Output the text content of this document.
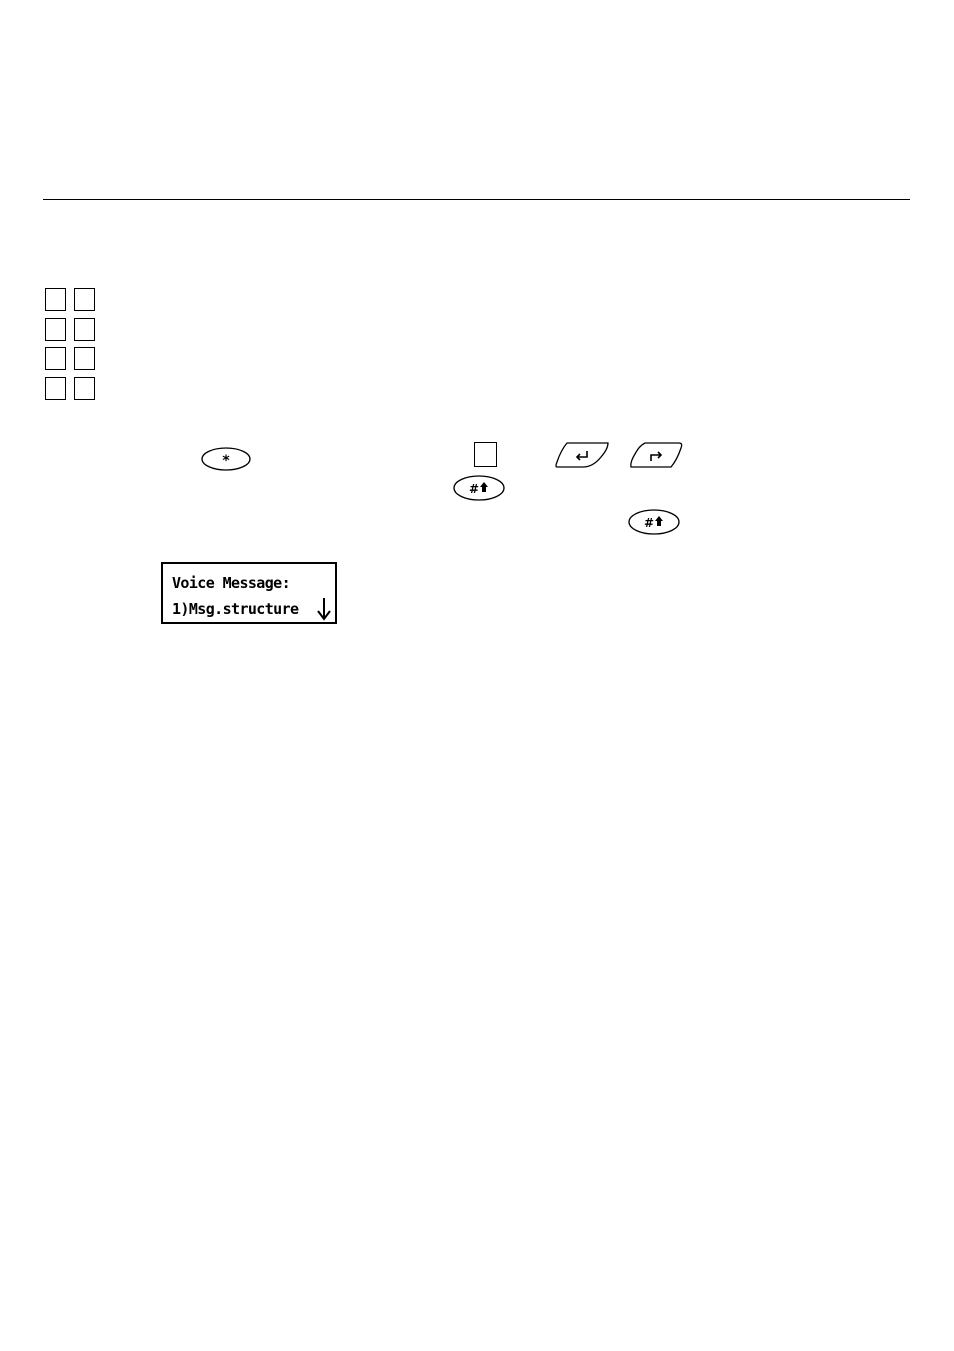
*
#
#
Voice Message:
1)Msg.structure
